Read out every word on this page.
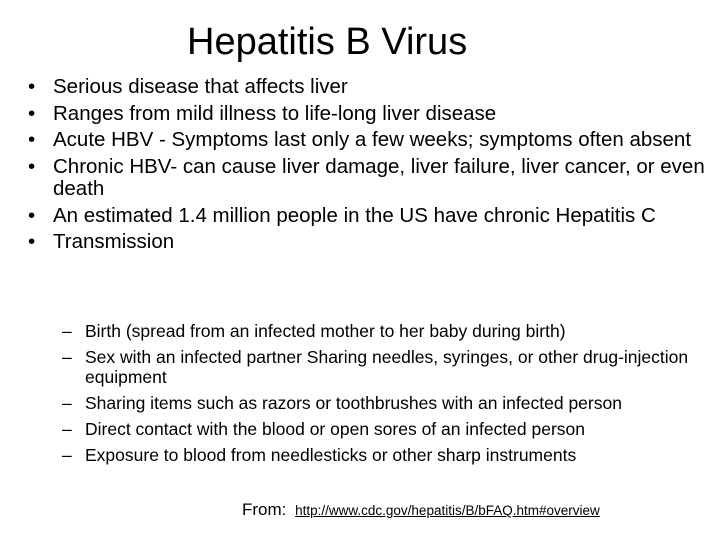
Hepatitis B Virus
• Serious disease that affects liver
• Ranges from mild illness to life-long liver disease
• Acute HBV - Symptoms last only a few weeks; symptoms often absent
• Chronic HBV- can cause liver damage, liver failure, liver cancer, or even death
• An estimated 1.4 million people in the US have chronic Hepatitis C
• Transmission
– Birth (spread from an infected mother to her baby during birth)
– Sex with an infected partner Sharing needles, syringes, or other drug-injection equipment
– Sharing items such as razors or toothbrushes with an infected person
– Direct contact with the blood or open sores of an infected person
– Exposure to blood from needlesticks or other sharp instruments
From: http://www.cdc.gov/hepatitis/B/bFAQ.htm#overview
